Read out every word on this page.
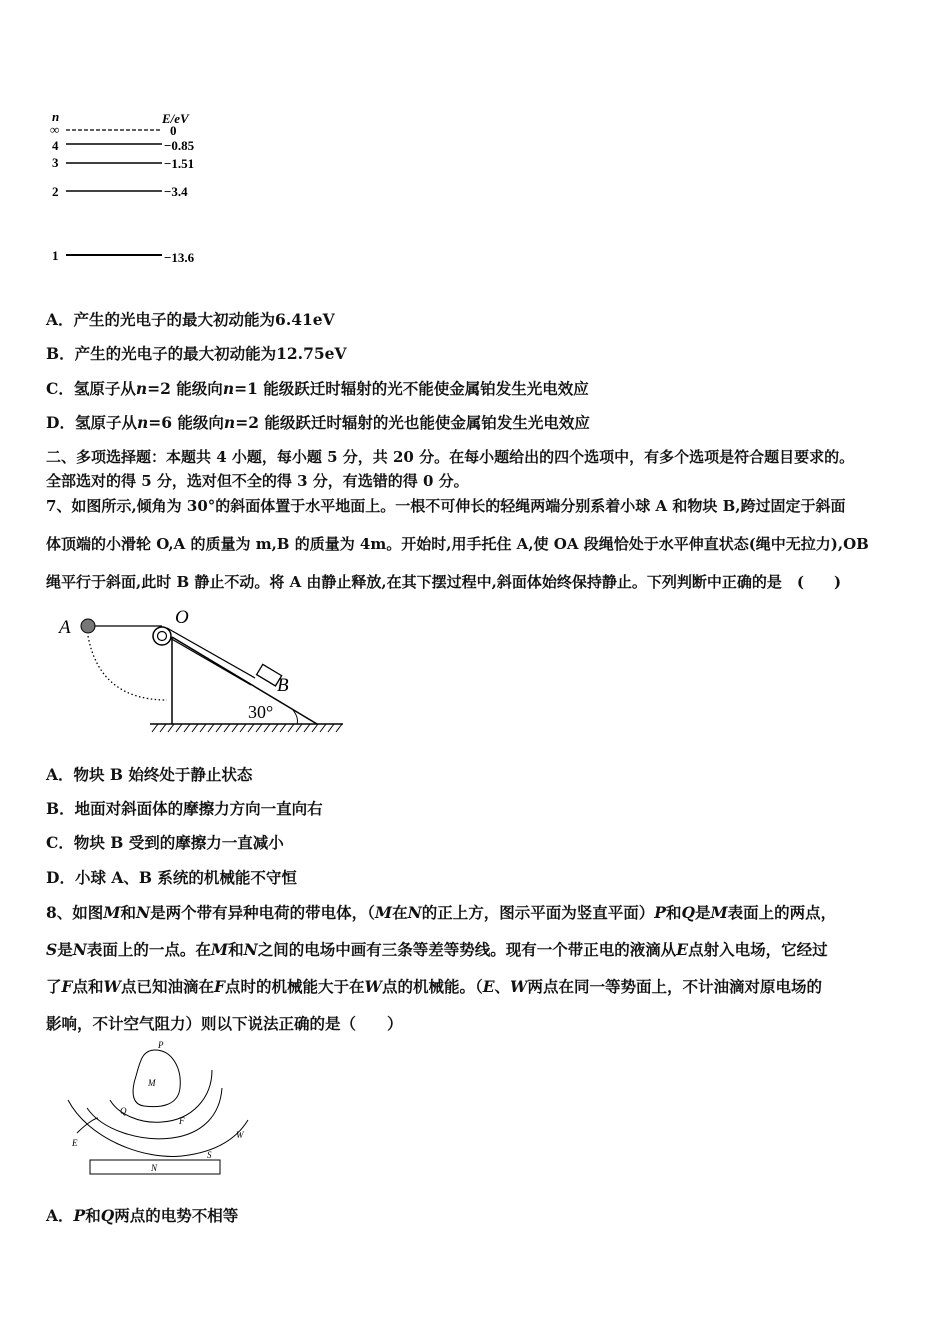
n	E/eV
∞	0
4	−0.85
3	−1.51
2	−3.4
1	−13.6
A．产生的光电子的最大初动能为6.41eV
B．产生的光电子的最大初动能为12.75eV
C．氢原子从n=2 能级向n=1 能级跃迁时辐射的光不能使金属铂发生光电效应
D．氢原子从n=6 能级向n=2 能级跃迁时辐射的光也能使金属铂发生光电效应
二、多项选择题：本题共 4 小题，每小题 5 分，共 20 分。在每小题给出的四个选项中，有多个选项是符合题目要求的。
全部选对的得 5 分，选对但不全的得 3 分，有选错的得 0 分。
7、如图所示,倾角为 30°的斜面体置于水平地面上。一根不可伸长的轻绳两端分别系着小球 A 和物块 B,跨过固定于斜面
体顶端的小滑轮 O,A 的质量为 m,B 的质量为 4m。开始时,用手托住 A,使 OA 段绳恰处于水平伸直状态(绳中无拉力),OB
绳平行于斜面,此时 B 静止不动。将 A 由静止释放,在其下摆过程中,斜面体始终保持静止。下列判断中正确的是　(　　)
A	O
B
30°
A．物块 B 始终处于静止状态
B．地面对斜面体的摩擦力方向一直向右
C．物块 B 受到的摩擦力一直减小
D．小球 A、B 系统的机械能不守恒
8、如图M和N是两个带有异种电荷的带电体，（M在N的正上方，图示平面为竖直平面）P和Q是M表面上的两点，
S是N表面上的一点。在M和N之间的电场中画有三条等差等势线。现有一个带正电的液滴从E点射入电场，它经过
了F点和W点已知油滴在F点时的机械能大于在W点的机械能。（E、W两点在同一等势面上，不计油滴对原电场的
影响，不计空气阻力）则以下说法正确的是（　　）
P
M
Q
F
W
E
S
N
A．P和Q两点的电势不相等
